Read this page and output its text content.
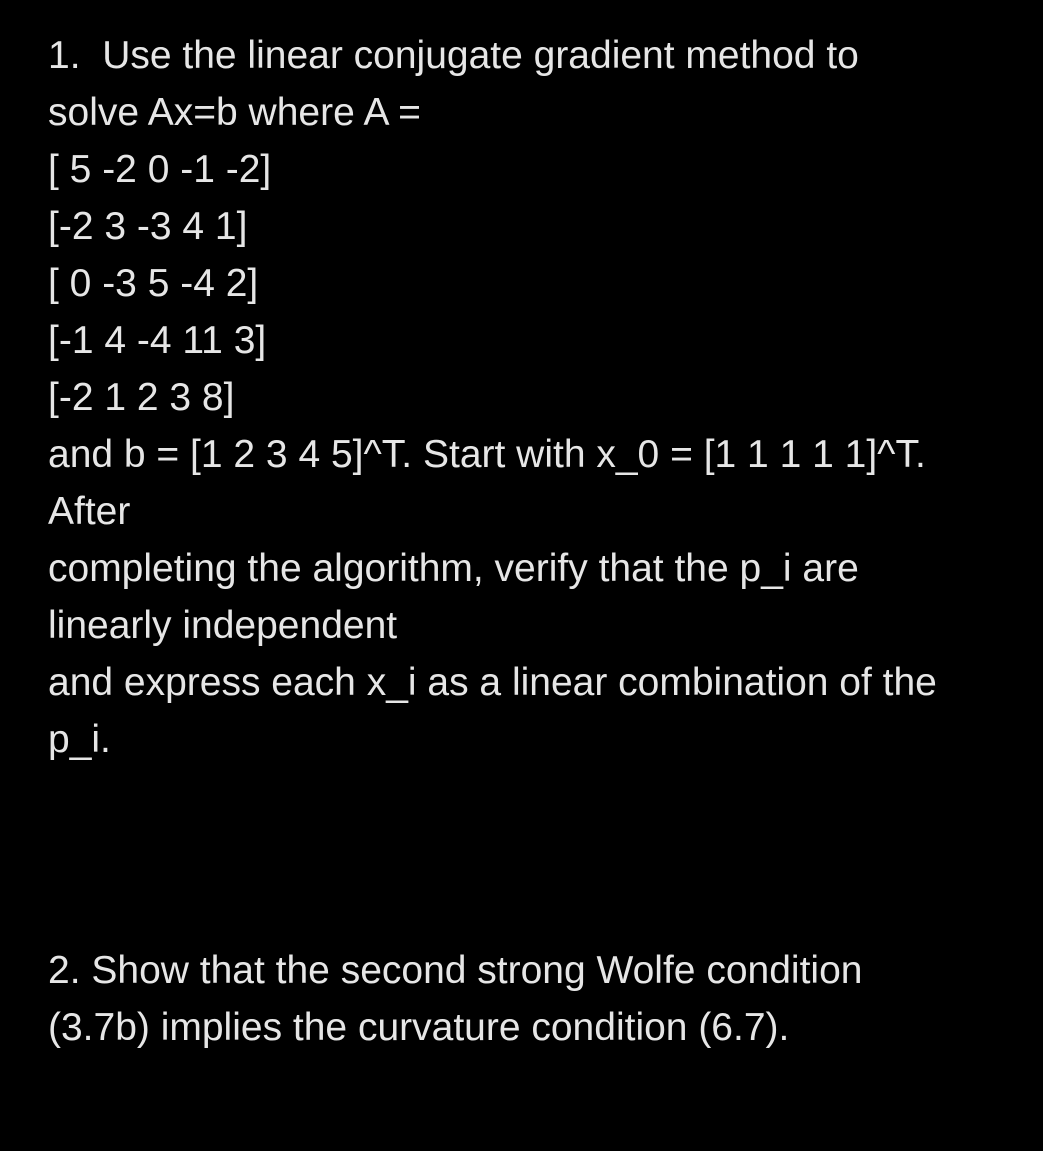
1.  Use the linear conjugate gradient method to
solve Ax=b where A =
[ 5 -2 0 -1 -2]
[-2 3 -3 4 1]
[ 0 -3 5 -4 2]
[-1 4 -4 11 3]
[-2 1 2 3 8]
and b = [1 2 3 4 5]^T. Start with x_0 = [1 1 1 1 1]^T.
After
completing the algorithm, verify that the p_i are
linearly independent
and express each x_i as a linear combination of the
p_i.
2. Show that the second strong Wolfe condition
(3.7b) implies the curvature condition (6.7).
